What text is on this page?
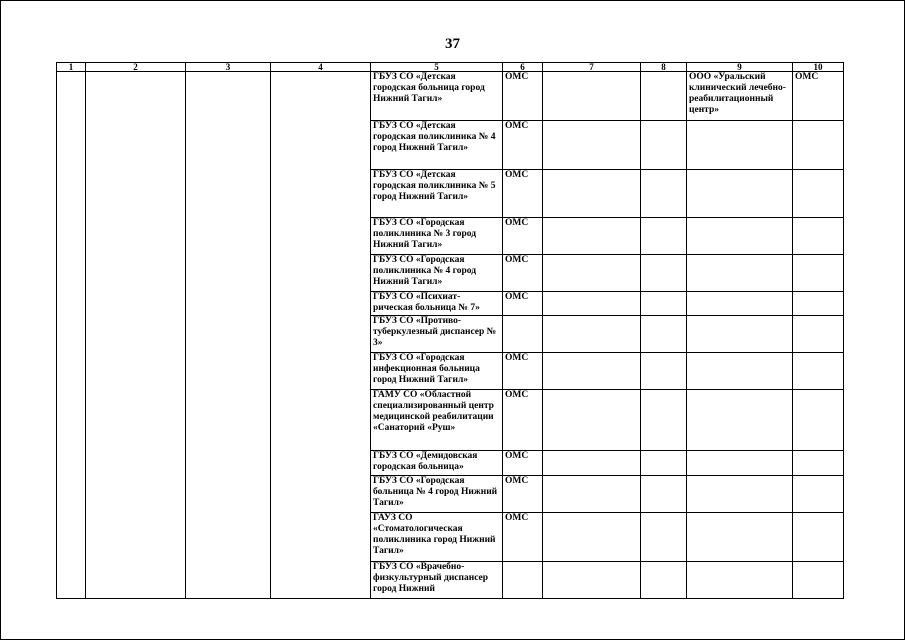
37
1	2	3	4	5	6	7	8	9	10
				ГБУЗ СО «Детская городская больница город Нижний Тагил»	ОМС			ООО «Уральский клинический лечебно-реабилитационный центр»	ОМС
				ГБУЗ СО «Детская городская поликлиника № 4 город Нижний Тагил»	ОМС				
				ГБУЗ СО «Детская городская поликлиника № 5 город Нижний Тагил»	ОМС				
				ГБУЗ СО «Городская поликлиника № 3 город Нижний Тагил»	ОМС				
				ГБУЗ СО «Городская поликлиника № 4 город Нижний Тагил»	ОМС				
				ГБУЗ СО «Психиат-рическая больница № 7»	ОМС				
				ГБУЗ СО «Противо-туберкулезный диспансер № 3»					
				ГБУЗ СО «Городская инфекционная больница город Нижний Тагил»	ОМС				
				ГАМУ СО «Областной специализированный центр медицинской реабилитации «Санаторий «Руш»	ОМС				
				ГБУЗ СО «Демидовская городская больница»	ОМС				
				ГБУЗ СО «Городская больница № 4 город Нижний Тагил»	ОМС				
				ГАУЗ СО «Стоматологическая поликлиника город Нижний Тагил»	ОМС				
				ГБУЗ СО «Врачебно-физкультурный диспансер город Нижний					
